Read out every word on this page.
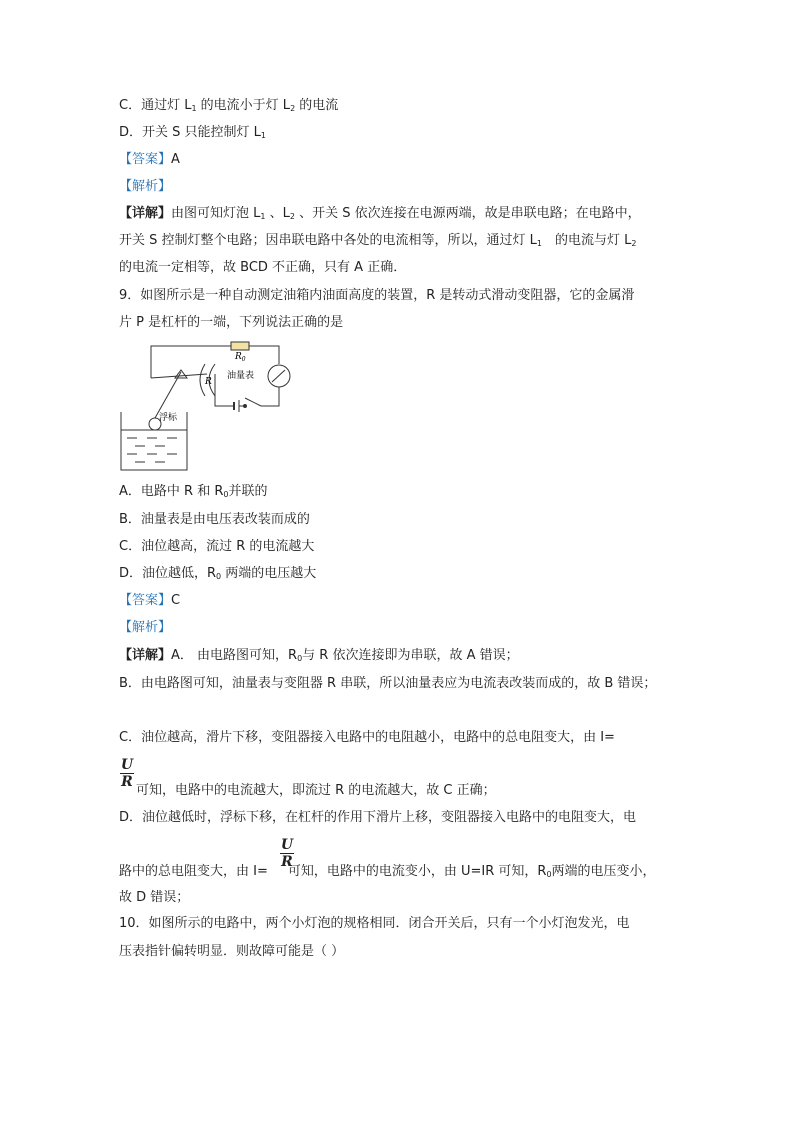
C．通过灯 $L_1$ 的电流小于灯 $L_2$ 的电流
D．开关 S 只能控制灯 $L_1$
【答案】A
【解析】
【详解】由图可知灯泡 $L_1$ 、$L_2$ 、开关 S 依次连接在电源两端，故是串联电路；在电路中，
开关 S 控制灯整个电路；因串联电路中各处的电流相等，所以，通过灯 $L_1$　的电流与灯 $L_2$
的电流一定相等，故 BCD 不正确，只有 A 正确．
9．如图所示是一种自动测定油箱内油面高度的装置，R 是转动式滑动变阻器，它的金属滑
片 P 是杠杆的一端，下列说法正确的是
$R_0$
R
油量表
浮标
A．电路中 R 和 $R_0$并联的
B．油量表是由电压表改装而成的
C．油位越高，流过 R 的电流越大
D．油位越低，$R_0$ 两端的电压越大
【答案】C
【解析】
【详解】A． 由电路图可知，$R_0$与 R 依次连接即为串联，故 A 错误；
B．由电路图可知，油量表与变阻器 R 串联，所以油量表应为电流表改装而成的，故 B 错误；
C．油位越高，滑片下移，变阻器接入电路中的电阻越小，电路中的总电阻变大，由 I=
U
R
可知，电路中的电流越大，即流过 R 的电流越大，故 C 正确；
D．油位越低时，浮标下移，在杠杆的作用下滑片上移，变阻器接入电路中的电阻变大，电
路中的总电阻变大，由 I= 可知，电路中的电流变小，由 U=IR 可知，$R_0$两端的电压变小，
U
R
故 D 错误；
10．如图所示的电路中，两个小灯泡的规格相同．闭合开关后，只有一个小灯泡发光，电
压表指针偏转明显．则故障可能是（ ）
